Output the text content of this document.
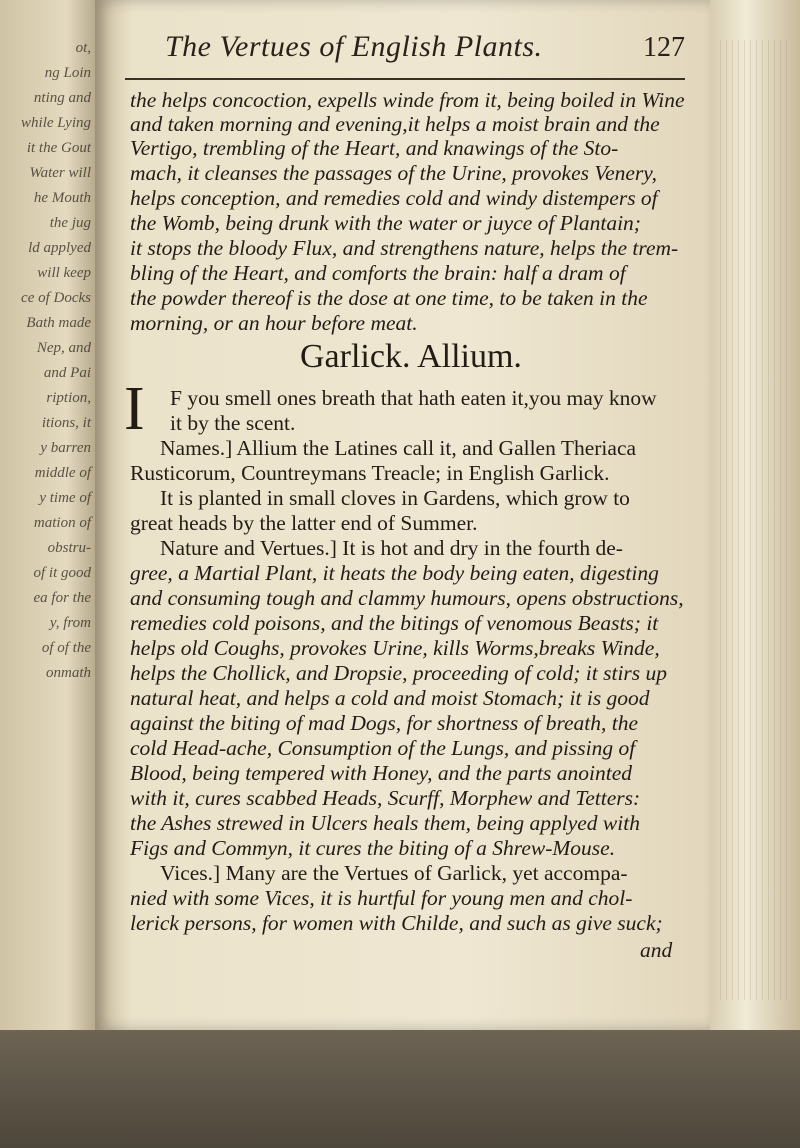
ot,
ng Loin
nting and
while Lying
it the Gout
Water will
he Mouth
the jug
ld applyed
will keep
ce of Docks
Bath made
Nep, and
and Pai
ription,
itions, it
y barren
middle of
y time of
mation of
obstru-
of it good
ea for the
y, from
of of the
onmath
The Vertues of English Plants.	127
the helps concoction, expells winde from it, being boiled in Wine
and taken morning and evening,it helps a moist brain and the
Vertigo, trembling of the Heart, and knawings of the Sto-
mach, it cleanses the passages of the Urine, provokes Venery,
helps conception, and remedies cold and windy distempers of
the Womb, being drunk with the water or juyce of Plantain;
it stops the bloody Flux, and strengthens nature, helps the trem-
bling of the Heart, and comforts the brain: half a dram of
the powder thereof is the dose at one time, to be taken in the
morning, or an hour before meat.
Garlick. Allium.
I F you smell ones breath that hath eaten it,you may know
it by the scent.
Names.] Allium the Latines call it, and Gallen Theriaca
Rusticorum, Countreymans Treacle; in English Garlick.
It is planted in small cloves in Gardens, which grow to
great heads by the latter end of Summer.
Nature and Vertues.] It is hot and dry in the fourth de-
gree, a Martial Plant, it heats the body being eaten, digesting
and consuming tough and clammy humours, opens obstructions,
remedies cold poisons, and the bitings of venomous Beasts; it
helps old Coughs, provokes Urine, kills Worms,breaks Winde,
helps the Chollick, and Dropsie, proceeding of cold; it stirs up
natural heat, and helps a cold and moist Stomach; it is good
against the biting of mad Dogs, for shortness of breath, the
cold Head-ache, Consumption of the Lungs, and pissing of
Blood, being tempered with Honey, and the parts anointed
with it, cures scabbed Heads, Scurff, Morphew and Tetters:
the Ashes strewed in Ulcers heals them, being applyed with
Figs and Commyn, it cures the biting of a Shrew-Mouse.
Vices.] Many are the Vertues of Garlick, yet accompa-
nied with some Vices, it is hurtful for young men and chol-
lerick persons, for women with Childe, and such as give suck;
and
